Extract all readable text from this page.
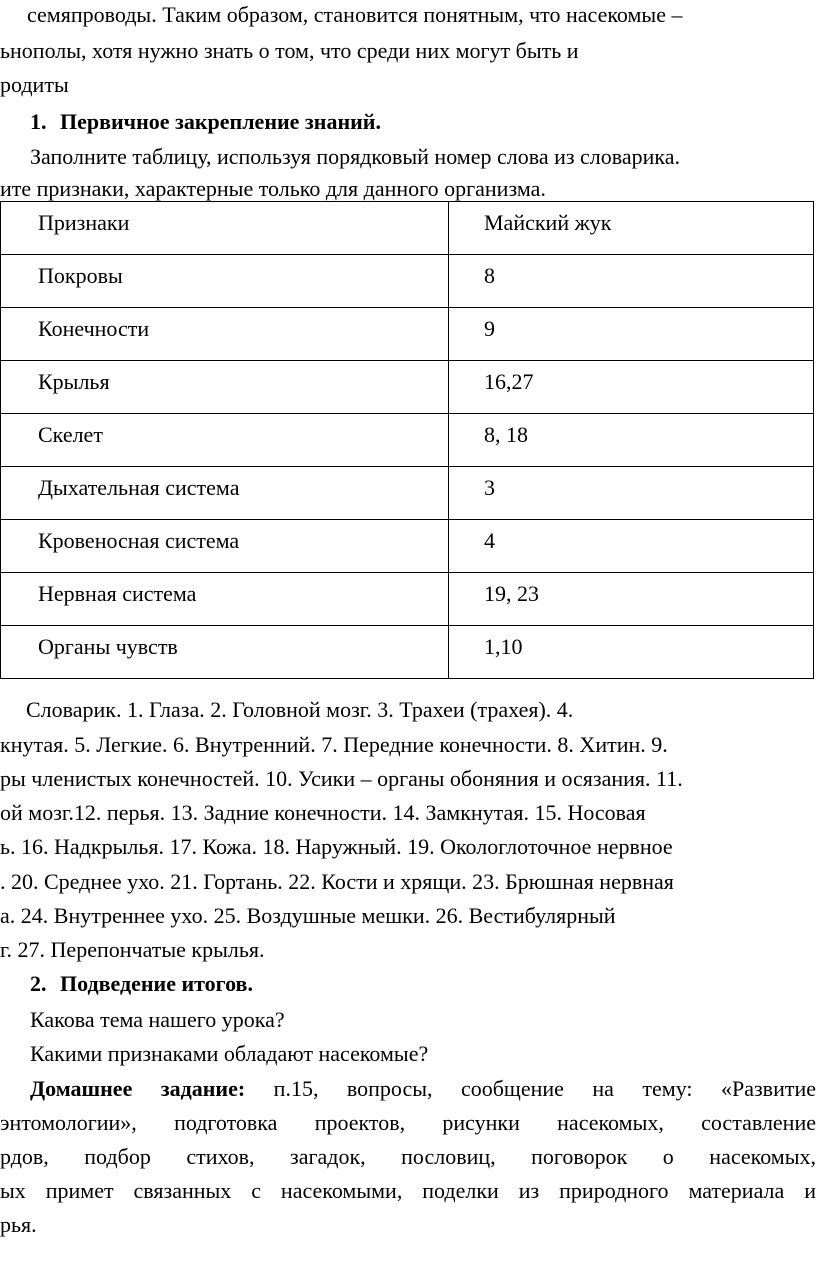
семяпроводы. Таким образом, становится понятным, что насекомые –
ьнополы, хотя нужно знать о том, что среди них могут быть и
родиты
1. Первичное закрепление знаний.
Заполните таблицу, используя порядковый номер слова из словарика.
ите признаки, характерные только для данного организма.
Признаки	Майский жук

Покровы	8

Конечности	9

Крылья	16,27

Скелет	8, 18

Дыхательная система	3

Кровеносная система	4

Нервная система	19, 23

Органы чувств	1,10
Словарик. 1. Глаза. 2. Головной мозг. 3. Трахеи (трахея). 4.
кнутая. 5. Легкие. 6. Внутренний. 7. Передние конечности. 8. Хитин. 9.
ры членистых конечностей. 10. Усики – органы обоняния и осязания. 11.
ой мозг.12. перья. 13. Задние конечности. 14. Замкнутая. 15. Носовая
ь. 16. Надкрылья. 17. Кожа. 18. Наружный. 19. Окологлоточное нервное
. 20. Среднее ухо. 21. Гортань. 22. Кости и хрящи. 23. Брюшная нервная
а. 24. Внутреннее ухо. 25. Воздушные мешки. 26. Вестибулярный
г. 27. Перепончатые крылья.
2. Подведение итогов.
Какова тема нашего урока?
Какими признаками обладают насекомые?
Домашнее задание: п.15, вопросы, сообщение на тему: «Развитие
энтомологии», подготовка проектов, рисунки насекомых, составление
рдов, подбор стихов, загадок, пословиц, поговорок о насекомых,
ых примет связанных с насекомыми, поделки из природного материала и
рья.
